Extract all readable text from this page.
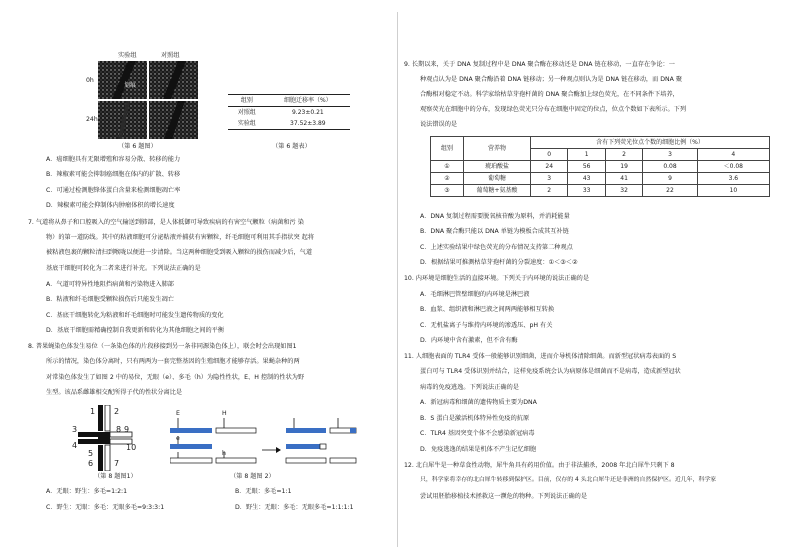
实验组	对照组
0h
24h
划痕
（第 6 题图）
组别	细胞迁移率（%）
对照组	9.23±0.21
实验组	37.52±3.89
（第 6 题表）
A．癌细胞具有无限增殖和容易分散、转移的能力
B．辣椒素可能会抑制癌细胞在体内的扩散、转移
C．可通过检测胞锋体蛋白含量来检测细胞凋亡率
D．辣椒素可能会抑制体内肿瘤体积的增长速度
7. 气道将从鼻子和口腔吸入的空气输送到肺部，是人体抵御可导致疾病的有害空气颗粒（病菌和污 染
物）的第一道防线。其中的粘液细胞可分泌粘液并捕获有害颗粒，纤毛细胞可利用其手指状突 起将
被粘液包裹的颗粒清扫到喉咙以便进一步清除。当这两种细胞受到吸入颗粒的损伤而减少后，气道
基底干细胞可转化为二者来进行补充。下列说法正确的是
A．气道可特异性地阻挡病菌和污染物进入肺部
B．粘液和纤毛细胞受颗粒损伤后只能发生凋亡
C．基底干细胞转化为粘液和纤毛细胞时可能发生遗传物质的变化
D．基底干细胞需精确控制自我更新和转化为其他细胞之间的平衡
8. 普果蝇染色体发生易位（一条染色体的片段移接到另一条非同源染色体上），联会时会出现如图1
所示的情况，染色体分离时，只有两两为一套完整基因的生殖细胞才能够存活。果蝇杂种的两
对常染色体发生了如图 2 中的易位，无眼（e）、多毛（h）为隐性性状，E、H 控制的性状为野
生型。该品系雌雄相交配所得子代的性状分离比是
1 2
3
4
5
6	7
8 9
10
（第 8 题图1）
E
e
H
h
（第 8 题图 2）
A．无眼：野生：多毛=1:2:1	B．无眼：多毛=1:1
C．野生：无眼：多毛：无眼多毛=9:3:3:1	D．野生：无眼：多毛：无眼多毛=1:1:1:1
9. 长期以来，关于 DNA 复制过程中是 DNA 聚合酶在移动还是 DNA 链在移动，一直存在争论：一
种观点认为是 DNA 聚合酶沿着 DNA 链移动；另一种观点则认为是 DNA 链在移动，而 DNA 聚
合酶相对稳定不动。科学家给枯草芽孢杆菌的 DNA 聚合酶加上绿色荧光，在不同条件下培养，
观察荧光在细胞中的分布，发现绿色荧光只分布在细胞中固定的位点，位点个数如下表所示。下列
说法错误的是
组别	营养物	含有下列荧光位点个数的细胞比例（%）				
		0	1	2	3	4
①	琥珀酸盐	24	56	19	0.08	＜0.08
②	葡萄糖	3	43	41	9	3.6
③	葡萄糖+氨基酸	2	33	32	22	10
A．DNA 复制过程需要脱氧核苷酸为原料，并消耗能量
B．DNA 聚合酶只能以 DNA 单链为模板合成其互补链
C．上述实验结果中绿色荧光的分布情况支持第二种观点
D．根据结果可推测枯草芽孢杆菌的分裂速度：①＜③＜②
10. 内环境是细胞生活的直接环境。下列关于内环境的说法正确的是
A．毛细淋巴管壁细胞的内环境是淋巴液
B．血浆、组织液和淋巴液之间两两能够相互转换
C．无机盐离子与维持内环境的渗透压、pH 有关
D．内环境中含有激素，但不含有酶
11. 人细胞表面的 TLR4 受体一般能够识别细菌，进而介导机体清除细菌。而新型冠状病毒表面的 S
蛋白可与 TLR4 受体识别并结合，这样免疫系统会认为病原体是细菌而不是病毒，造成新型冠状
病毒的免疫逃逸。下列说法正确的是
A．新冠病毒和细菌的遗传物质主要为DNA
B．S 蛋白是激活机体特异性免疫的抗原
C．TLR4 基因突变个体不会感染新冠病毒
D．免疫逃逸的结果是机体不产生记忆细胞
12. 北白犀牛是一种草食性动物，犀牛角具有药用价值。由于非法捕杀，2008 年北白犀牛只剩下 8
只，科学家将幸存的北白犀牛转移到保护区。目前，仅存的 4 头北白犀牛还是非洲的自然保护区。近几年，科学家
尝试用胚胎移植技术拯救这一濒危的物种。下列说法正确的是
